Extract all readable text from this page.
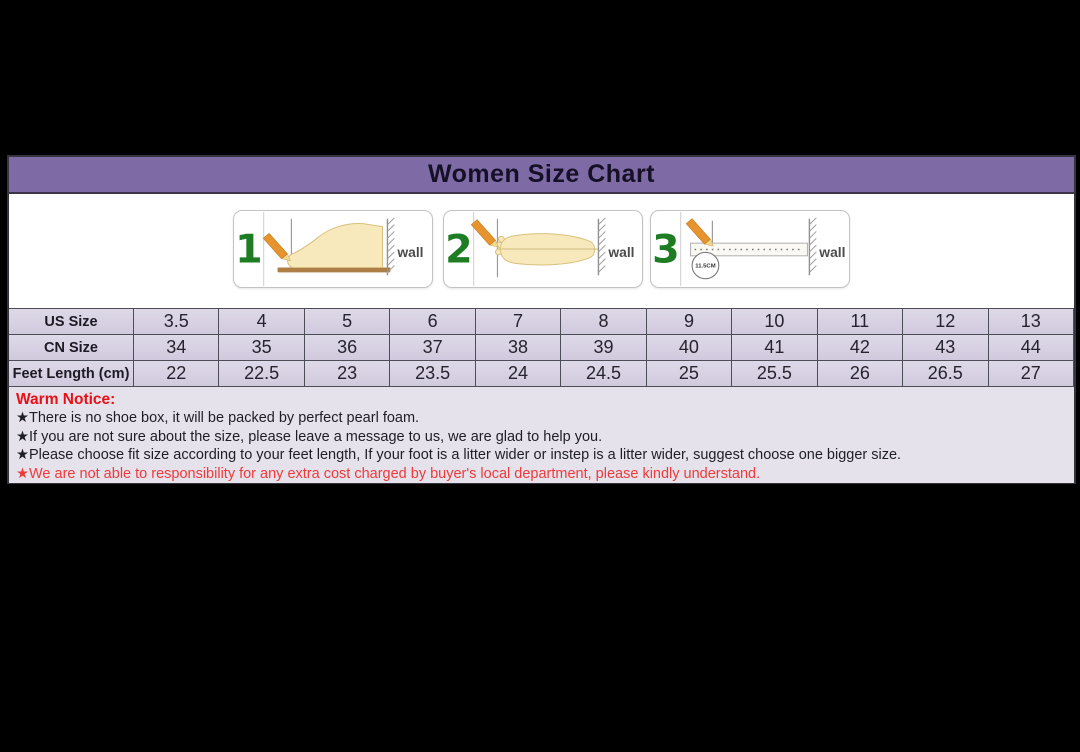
Women Size Chart
1	wall 2	wall 3	11.5CM
wall
US Size	3.5	4	5	6	7	8	9	10	11	12	13
CN Size	34	35	36	37	38	39	40	41	42	43	44
Feet Length (cm)	22	22.5	23	23.5	24	24.5	25	25.5	26	26.5	27
Warm Notice:
★There is no shoe box, it will be packed by perfect pearl foam.
★If you are not sure about the size, please leave a message to us, we are glad to help you.
★Please choose fit size according to your feet length, If your foot is a litter wider or instep is a litter wider, suggest choose one bigger size.
★We are not able to responsibility for any extra cost charged by buyer's local department, please kindly understand.
